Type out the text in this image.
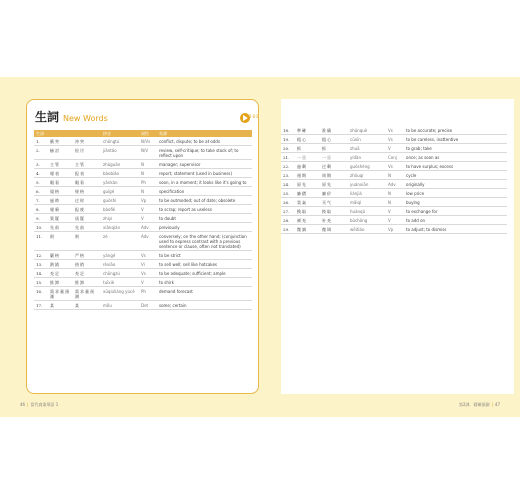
生詞 New Words	02-03
生詞			拼音	詞性	英譯
1.	衝突	冲突	chōngtú	N/Vs	conflict, dispute; to be at odds
2.	檢討	检讨	jiǎntǎo	N/V	review, self-critique; to take stock of; to reflect upon
3.	主管	主管	zhǔguǎn	N	manager; supervisor
4.	報表	报表	bàobiǎo	N	report; statement (used in business)
5.	眼看	眼看	yǎnkàn	Ph	soon, in a moment; it looks like it's going to
6.	規格	规格	guīgé	N	specification
7.	過時	过时	guòshí	Vp	to be outmoded; out of date; obsolete
8.	報廢	报废	bàofèi	V	to scrap; report as useless
9.	質疑	质疑	zhíyí	V	to doubt
10.	先前	先前	xiānqián	Adv	previously
11.	則	则	zé	Adv	conversely; on the other hand; (conjunction used to express contrast with a previous sentence or clause, often not translated)
12.	嚴格	严格	yángé	Vs	to be strict
13.	熱銷	热销	rèxiāo	Vi	to sell well; sell like hotcakes
14.	充足	充足	chōngzú	Vs	to be adequate; sufficient; ample
15.	推卸	推卸	tuīxiè	V	to shirk
16.	需求量預測	需求量预测	xūqiúliàng yùcè	Ph	demand forecast
17.	某	某	mǒu	Det	some; certain
18.	準確	准确	zhǔnquè	Vs	to be accurate; precise
19.	粗心	粗心	cūxīn	Vs	to be careless, inattentive
20.	抓	抓	zhuā	V	to grab; take
21.	一旦	一旦	yídàn	Conj	once; as soon as
22.	過剩	过剩	guòshèng	Vs	to have surplus; excess
23.	週期	周期	zhōuqí	N	cycle
24.	原先	原先	yuánxiān	Adv	originally
25.	廉價	廉价	liánjià	N	low price
26.	買氣	买气	mǎiqì	N	buying
27.	換取	换取	huànqǔ	V	to exchange for
28.	補充	补充	bǔchōng	V	to add on
29.	微調	微调	wēitiáo	Vp	to adjust; to dismiss
46 | 當代商業華語 1	第2課．精確預測 | 47
